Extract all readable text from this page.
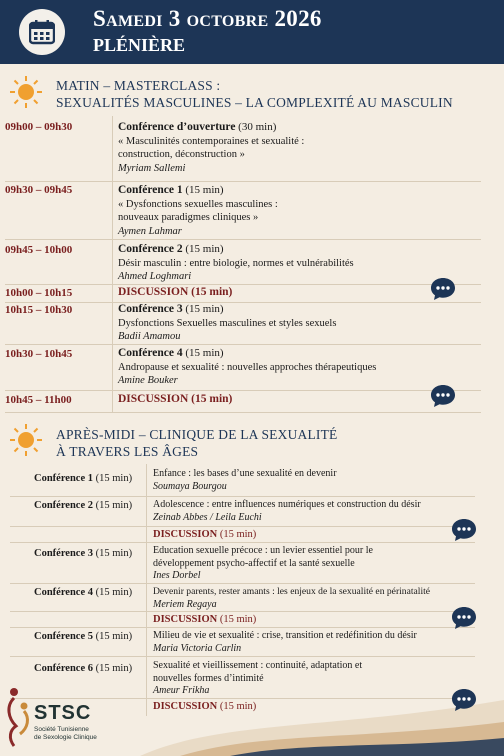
Samedi 3 octobre 2026
PLÉNIÈRE
MATIN – MASTERCLASS :
SEXUALITÉS MASCULINES – LA COMPLEXITÉ AU MASCULIN
09h00 – 09h30	Conférence d’ouverture (30 min)
« Masculinités contemporaines et sexualité :
construction, déconstruction »
Myriam Sallemi
09h30 – 09h45	Conférence 1 (15 min)
« Dysfonctions sexuelles masculines :
nouveaux paradigmes cliniques »
Aymen Lahmar
09h45 – 10h00	Conférence 2 (15 min)
Désir masculin : entre biologie, normes et vulnérabilités
Ahmed Loghmari
10h00 – 10h15	DISCUSSION (15 min)
10h15 – 10h30	Conférence 3 (15 min)
Dysfonctions Sexuelles masculines et styles sexuels
Badii Amamou
10h30 – 10h45	Conférence 4 (15 min)
Andropause et sexualité : nouvelles approches thérapeutiques
Amine Bouker
10h45 – 11h00	DISCUSSION (15 min)
APRÈS-MIDI – CLINIQUE DE LA SEXUALITÉ
À TRAVERS LES ÂGES
Conférence 1 (15 min) Enfance : les bases d’une sexualité en devenir
Soumaya Bourgou
Conférence 2 (15 min) Adolescence : entre influences numériques et construction du désir
Zeinab Abbes / Leila Euchi
DISCUSSION (15 min)
Conférence 3 (15 min) Education sexuelle précoce : un levier essentiel pour le
développement psycho-affectif et la santé sexuelle
Ines Dorbel
Conférence 4 (15 min) Devenir parents, rester amants : les enjeux de la sexualité en périnatalité
Meriem Regaya
DISCUSSION (15 min)
Conférence 5 (15 min) Milieu de vie et sexualité : crise, transition et redéfinition du désir
Maria Victoria Carlin
Conférence 6 (15 min) Sexualité et vieillissement : continuité, adaptation et
nouvelles formes d’intimité
Ameur Frikha
DISCUSSION (15 min)
STSC
Société Tunisienne
de Sexologie Clinique
